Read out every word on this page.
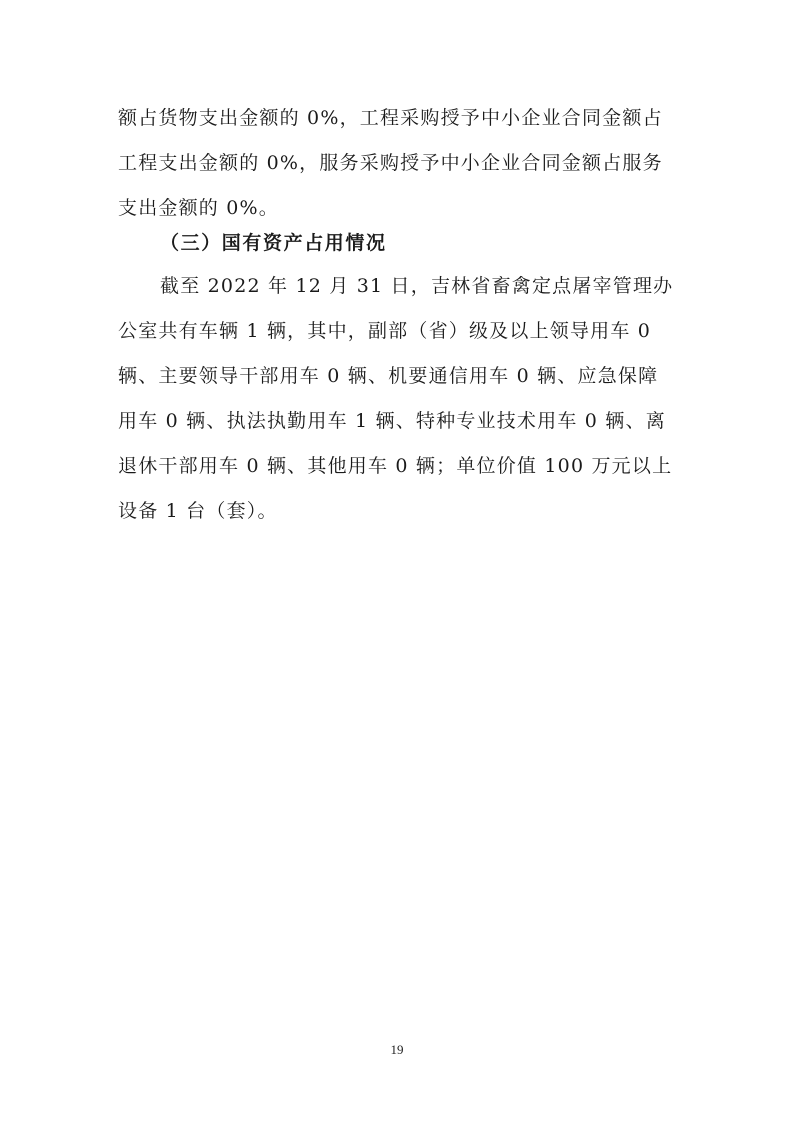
额占货物支出金额的 0%，工程采购授予中小企业合同金额占工程支出金额的 0%，服务采购授予中小企业合同金额占服务支出金额的 0%。

（三）国有资产占用情况

截至 2022 年 12 月 31 日，吉林省畜禽定点屠宰管理办公室共有车辆 1 辆，其中，副部（省）级及以上领导用车 0 辆、主要领导干部用车 0 辆、机要通信用车 0 辆、应急保障用车 0 辆、执法执勤用车 1 辆、特种专业技术用车 0 辆、离退休干部用车 0 辆、其他用车 0 辆；单位价值 100 万元以上设备 1 台（套）。

19
